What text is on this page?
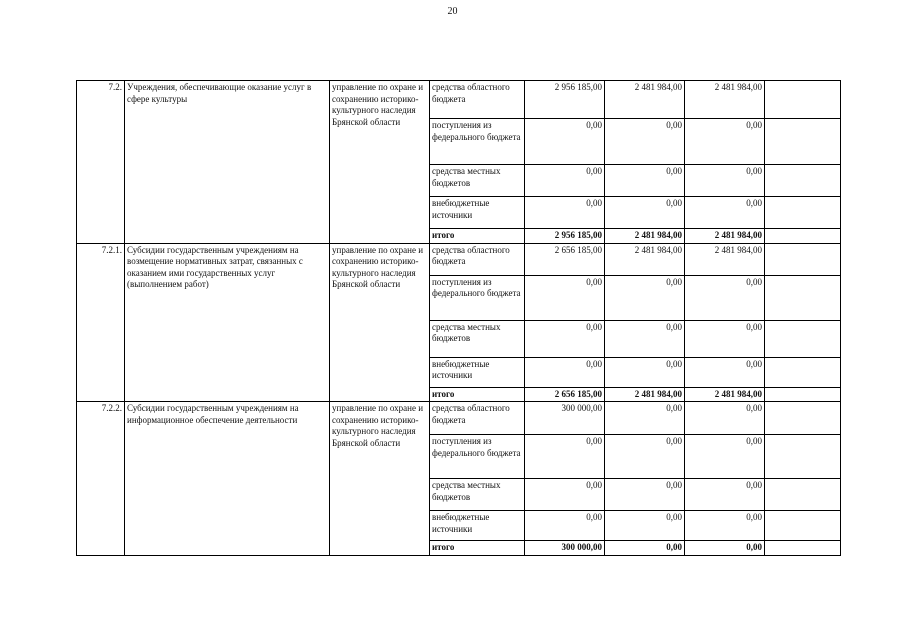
20
7.2.	Учреждения, обеспечивающие оказание услуг в сфере культуры	управление по охране и сохранению историко-культурного наследия Брянской области	средства областного бюджета	2 956 185,00	2 481 984,00	2 481 984,00	
			поступления из федерального бюджета	0,00	0,00	0,00	
			средства местных бюджетов	0,00	0,00	0,00	
			внебюджетные источники	0,00	0,00	0,00	
			итого	2 956 185,00	2 481 984,00	2 481 984,00	
7.2.1.	Субсидии государственным учреждениям на возмещение нормативных затрат, связанных с оказанием ими государственных услуг (выполнением работ)	управление по охране и сохранению историко-культурного наследия Брянской области	средства областного бюджета	2 656 185,00	2 481 984,00	2 481 984,00	
			поступления из федерального бюджета	0,00	0,00	0,00	
			средства местных бюджетов	0,00	0,00	0,00	
			внебюджетные источники	0,00	0,00	0,00	
			итого	2 656 185,00	2 481 984,00	2 481 984,00	
7.2.2.	Субсидии государственным учреждениям на информационное обеспечение деятельности	управление по охране и сохранению историко-культурного наследия Брянской области	средства областного бюджета	300 000,00	0,00	0,00	
			поступления из федерального бюджета	0,00	0,00	0,00	
			средства местных бюджетов	0,00	0,00	0,00	
			внебюджетные источники	0,00	0,00	0,00	
			итого	300 000,00	0,00	0,00	
